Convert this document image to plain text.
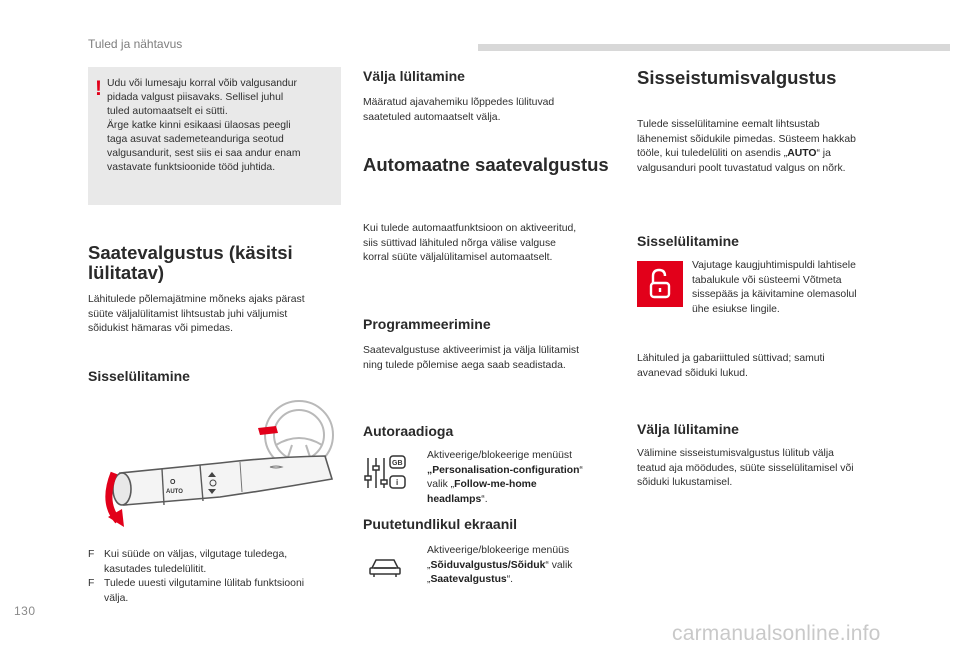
Tuled ja nähtavus
! Udu või lumesaju korral võib valgusandur
pidada valgust piisavaks. Sellisel juhul
tuled automaatselt ei sütti.
Ärge katke kinni esikaasi ülaosas peegli
taga asuvat sademeteanduriga seotud
valgusandurit, sest siis ei saa andur enam
vastavate funktsioonide tööd juhtida.
Saatevalgustus (käsitsi
lülitatav)
Lähitulede põlemajätmine mõneks ajaks pärast
süüte väljalülitamist lihtsustab juhi väljumist
sõidukist hämaras või pimedas.
Sisselülitamine
O
AUTO
F Kui süüde on väljas, vilgutage tuledega,
kasutades tuledelülitit.
F Tulede uuesti vilgutamine lülitab funktsiooni
välja.
130
Välja lülitamine
Määratud ajavahemiku lõppedes lülituvad
saatetuled automaatselt välja.
Automaatne saatevalgustus
Kui tulede automaatfunktsioon on aktiveeritud,
siis süttivad lähituled nõrga välise valguse
korral süüte väljalülitamisel automaatselt.
Programmeerimine
Saatevalgustuse aktiveerimist ja välja lülitamist
ning tulede põlemise aega saab seadistada.
Autoraadioga
GB
i
Aktiveerige/blokeerige menüüst
„Personalisation-configuration“
valik „Follow-me-home
headlamps“.
Puutetundlikul ekraanil
Aktiveerige/blokeerige menüüs
„Sõiduvalgustus/Sõiduk“ valik
„Saatevalgustus“.
Sisseistumisvalgustus
Tulede sisselülitamine eemalt lihtsustab
lähenemist sõidukile pimedas. Süsteem hakkab
tööle, kui tuledelüliti on asendis „AUTO“ ja
valgusanduri poolt tuvastatud valgus on nõrk.
Sisselülitamine
Vajutage kaugjuhtimispuldi lahtisele
tabalukule või süsteemi Võtmeta
sissepääs ja käivitamine olemasolul
ühe esiukse lingile.
Lähituled ja gabariittuled süttivad; samuti
avanevad sõiduki lukud.
Välja lülitamine
Välimine sisseistumisvalgustus lülitub välja
teatud aja möödudes, süüte sisselülitamisel või
sõiduki lukustamisel.
carmanualsonline.info
